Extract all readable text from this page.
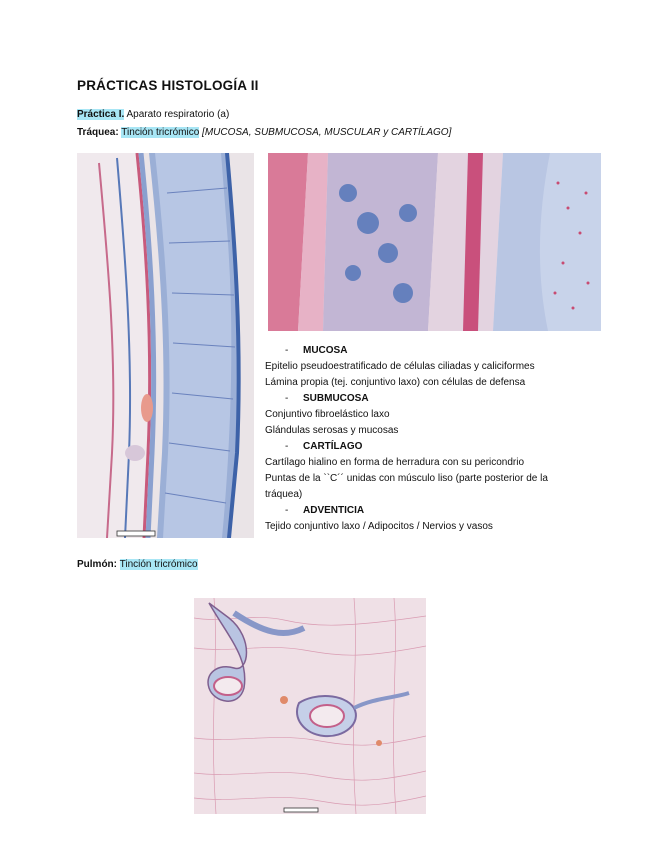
PRÁCTICAS HISTOLOGÍA II
Práctica I. Aparato respiratorio (a)
Tráquea: Tinción tricrómico [MUCOSA, SUBMUCOSA, MUSCULAR y CARTÍLAGO]
- MUCOSA
Epitelio pseudoestratificado de células ciliadas y caliciformes
Lámina propia (tej. conjuntivo laxo) con células de defensa
- SUBMUCOSA
Conjuntivo fibroelástico laxo
Glándulas serosas y mucosas
- CARTÍLAGO
Cartílago hialino en forma de herradura con su pericondrio
Puntas de la ``C´´ unidas con músculo liso (parte posterior de la
tráquea)
- ADVENTICIA
Tejido conjuntivo laxo / Adipocitos / Nervios y vasos
Pulmón: Tinción tricrómico
